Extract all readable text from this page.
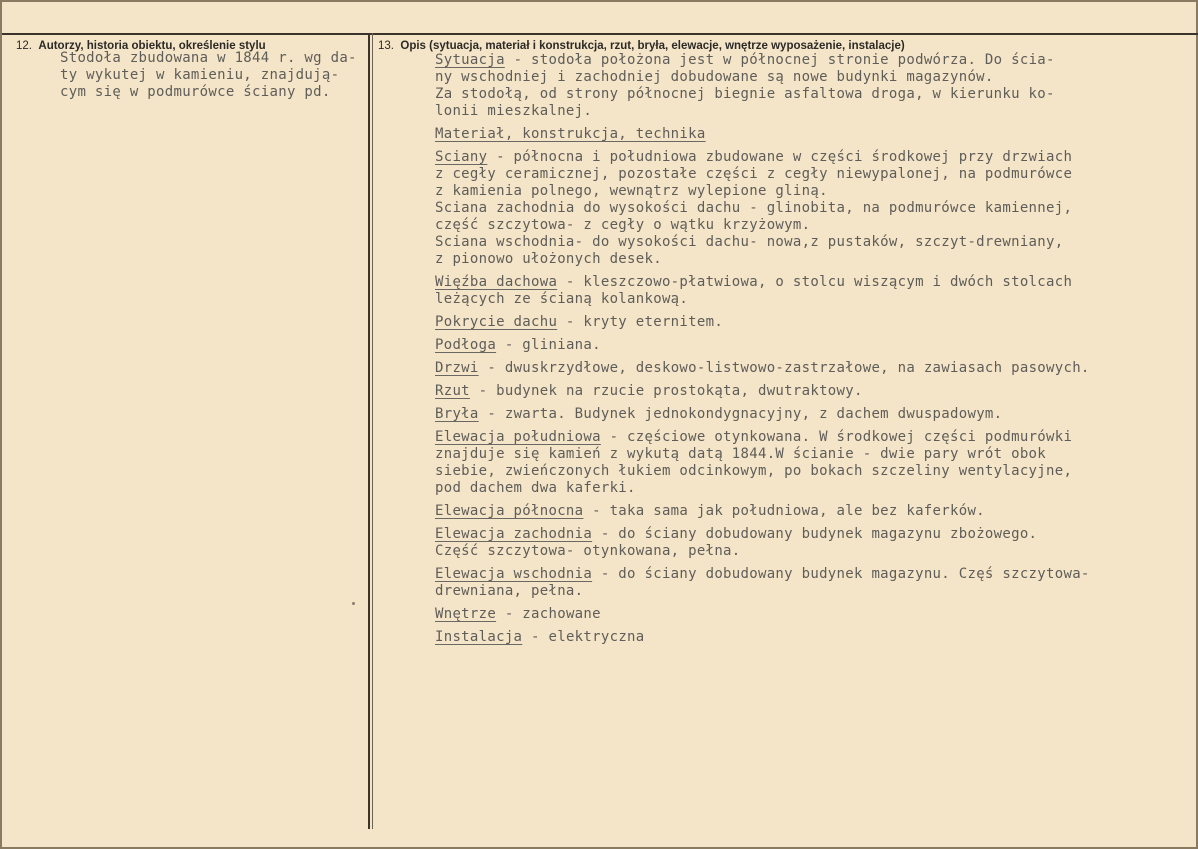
12. Autorzy, historia obiektu, określenie stylu	13. Opis (sytuacja, materiał i konstrukcja, rzut, bryła, elewacje, wnętrze wyposażenie, instalacje)
Stodoła zbudowana w 1844 r. wg da-
ty wykutej w kamieniu, znajdują-
cym się w podmurówce ściany pd.
Sytuacja - stodoła położona jest w północnej stronie podwórza. Do ścia-
ny wschodniej i zachodniej dobudowane są nowe budynki magazynów.
Za stodołą, od strony północnej biegnie asfaltowa droga, w kierunku ko-
lonii mieszkalnej.
Materiał, konstrukcja, technika
Sciany - północna i południowa zbudowane w części środkowej przy drzwiach
z cegły ceramicznej, pozostałe części z cegły niewypalonej, na podmurówce
z kamienia polnego, wewnątrz wylepione gliną.
Sciana zachodnia do wysokości dachu - glinobita, na podmurówce kamiennej,
część szczytowa- z cegły o wątku krzyżowym.
Sciana wschodnia- do wysokości dachu- nowa,z pustaków, szczyt-drewniany,
z pionowo ułożonych desek.
Więźba dachowa - kleszczowo-płatwiowa, o stolcu wiszącym i dwóch stolcach
leżących ze ścianą kolankową.
Pokrycie dachu - kryty eternitem.
Podłoga - gliniana.
Drzwi - dwuskrzydłowe, deskowo-listwowo-zastrzałowe, na zawiasach pasowych.
Rzut - budynek na rzucie prostokąta, dwutraktowy.
Bryła - zwarta. Budynek jednokondygnacyjny, z dachem dwuspadowym.
Elewacja południowa - częściowe otynkowana. W środkowej części podmurówki
znajduje się kamień z wykutą datą 1844.W ścianie - dwie pary wrót obok
siebie, zwieńczonych łukiem odcinkowym, po bokach szczeliny wentylacyjne,
pod dachem dwa kaferki.
Elewacja północna - taka sama jak południowa, ale bez kaferków.
Elewacja zachodnia - do ściany dobudowany budynek magazynu zbożowego.
Część szczytowa- otynkowana, pełna.
Elewacja wschodnia - do ściany dobudowany budynek magazynu. Częś szczytowa-
drewniana, pełna.
Wnętrze - zachowane
Instalacja - elektryczna
